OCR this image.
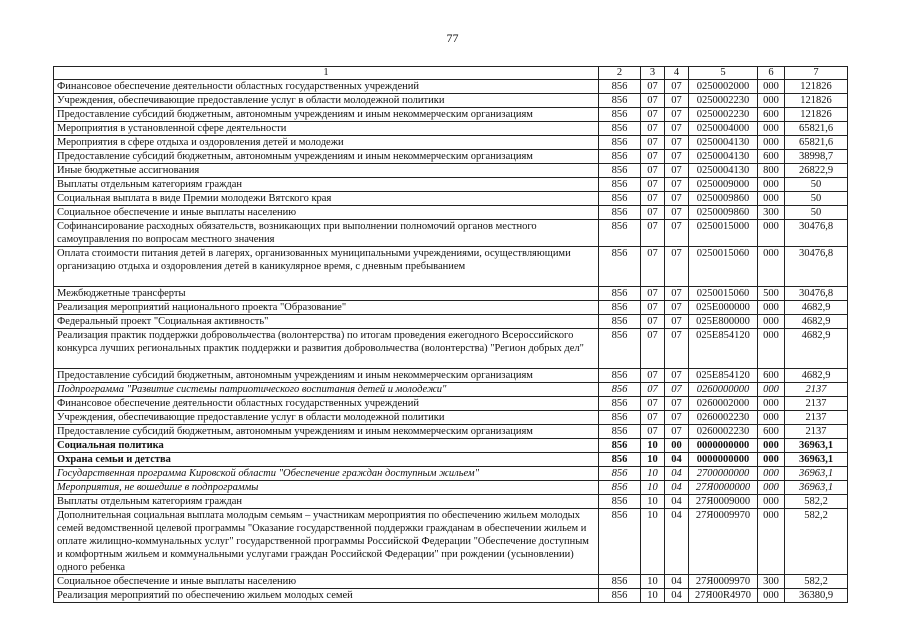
77
1	2	3	4	5	6	7
Финансовое обеспечение деятельности областных государственных учреждений	856	07	07	0250002000	000	121826
Учреждения, обеспечивающие предоставление услуг в области молодежной политики	856	07	07	0250002230	000	121826
Предоставление субсидий бюджетным, автономным учреждениям и иным некоммерческим организациям	856	07	07	0250002230	600	121826
Мероприятия в установленной сфере деятельности	856	07	07	0250004000	000	65821,6
Мероприятия в сфере отдыха и оздоровления детей и молодежи	856	07	07	0250004130	000	65821,6
Предоставление субсидий бюджетным, автономным учреждениям и иным некоммерческим организациям	856	07	07	0250004130	600	38998,7
Иные бюджетные ассигнования	856	07	07	0250004130	800	26822,9
Выплаты отдельным категориям граждан	856	07	07	0250009000	000	50
Социальная выплата в виде Премии молодежи Вятского края	856	07	07	0250009860	000	50
Социальное обеспечение и иные выплаты населению	856	07	07	0250009860	300	50
Софинансирование расходных обязательств, возникающих при выполнении полномочий органов местного самоуправления по вопросам местного значения	856	07	07	0250015000	000	30476,8
Оплата стоимости питания детей в лагерях, организованных муниципальными учреждениями, осуществляющими организацию отдыха и оздоровления детей в каникулярное время, с дневным пребыванием	856	07	07	0250015060	000	30476,8
Межбюджетные трансферты	856	07	07	0250015060	500	30476,8
Реализация мероприятий национального проекта "Образование"	856	07	07	025E000000	000	4682,9
Федеральный проект "Социальная активность"	856	07	07	025E800000	000	4682,9
Реализация практик поддержки добровольчества (волонтерства) по итогам проведения ежегодного Всероссийского конкурса лучших региональных практик поддержки и развития добровольчества (волонтерства) "Регион добрых дел"	856	07	07	025E854120	000	4682,9
Предоставление субсидий бюджетным, автономным учреждениям и иным некоммерческим организациям	856	07	07	025E854120	600	4682,9
Подпрограмма "Развитие системы патриотического воспитания детей и молодежи"	856	07	07	0260000000	000	2137
Финансовое обеспечение деятельности областных государственных учреждений	856	07	07	0260002000	000	2137
Учреждения, обеспечивающие предоставление услуг в области молодежной политики	856	07	07	0260002230	000	2137
Предоставление субсидий бюджетным, автономным учреждениям и иным некоммерческим организациям	856	07	07	0260002230	600	2137
Социальная политика	856	10	00	0000000000	000	36963,1
Охрана семьи и детства	856	10	04	0000000000	000	36963,1
Государственная программа Кировской области "Обеспечение граждан доступным жильем"	856	10	04	2700000000	000	36963,1
Мероприятия, не вошедшие в подпрограммы	856	10	04	27Я0000000	000	36963,1
Выплаты отдельным категориям граждан	856	10	04	27Я0009000	000	582,2
Дополнительная социальная выплата молодым семьям – участникам мероприятия по обеспечению жильем молодых семей ведомственной целевой программы "Оказание государственной поддержки гражданам в обеспечении жильем и оплате жилищно-коммунальных услуг" государственной программы Российской Федерации "Обеспечение доступным и комфортным жильем и коммунальными услугами граждан Российской Федерации" при рождении (усыновлении) одного ребенка	856	10	04	27Я0009970	000	582,2
Социальное обеспечение и иные выплаты населению	856	10	04	27Я0009970	300	582,2
Реализация мероприятий по обеспечению жильем молодых семей	856	10	04	27Я00R4970	000	36380,9
